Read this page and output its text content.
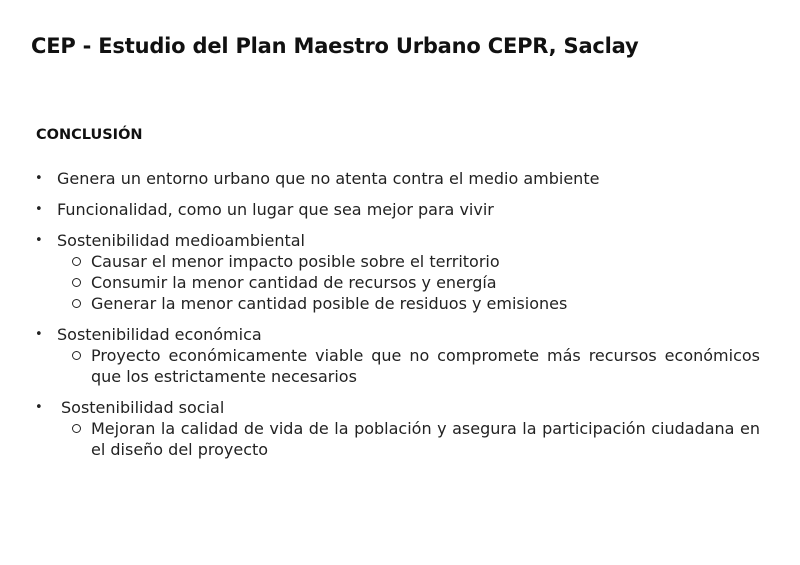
CEP - Estudio del Plan Maestro Urbano CEPR, Saclay
CONCLUSIÓN
• Genera un entorno urbano que no atenta contra el medio ambiente
• Funcionalidad, como un lugar que sea mejor para vivir
• Sostenibilidad medioambiental
Causar el menor impacto posible sobre el territorio
Consumir la menor cantidad de recursos y energía
Generar la menor cantidad posible de residuos y emisiones
• Sostenibilidad económica
Proyecto económicamente viable que no compromete más recursos económicos que los estrictamente necesarios
• Sostenibilidad social
Mejoran la calidad de vida de la población y asegura la participación ciudadana en el diseño del proyecto
